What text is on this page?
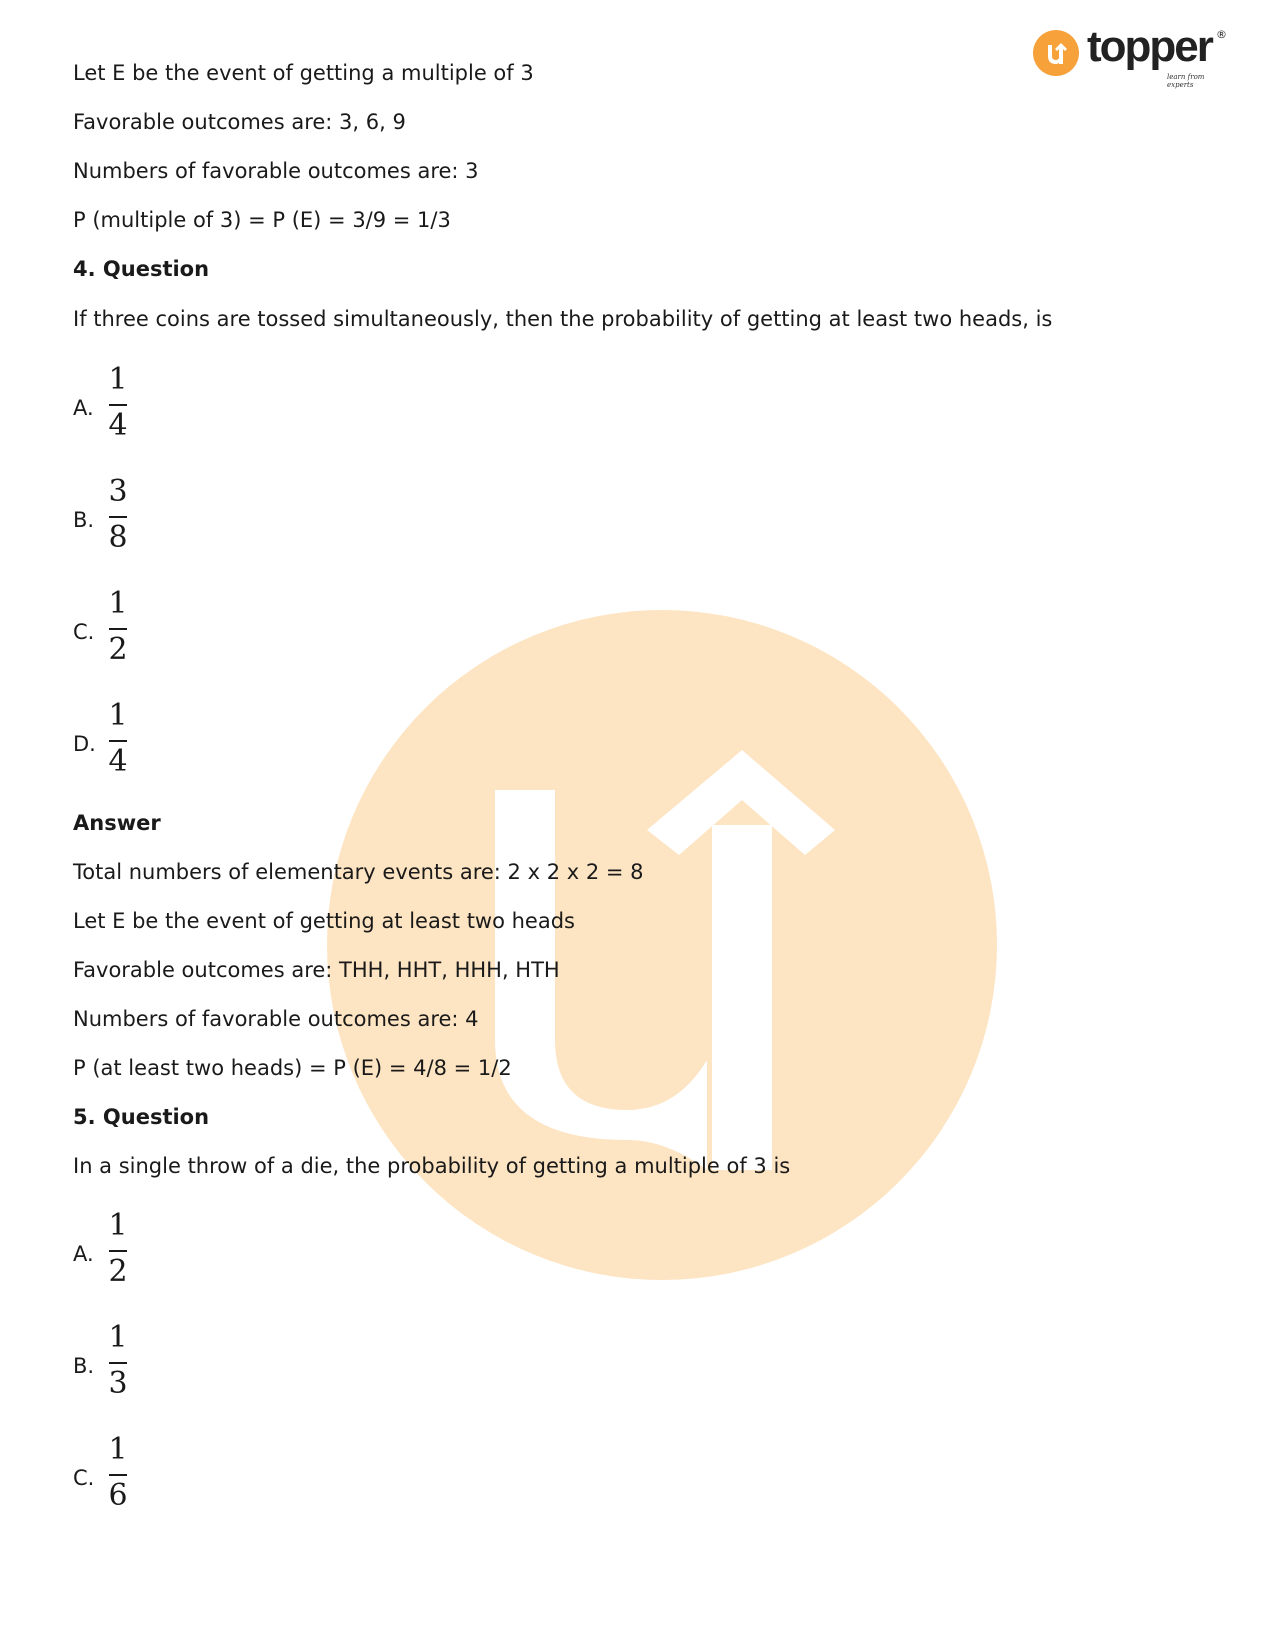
topper ®
learn from experts
Let E be the event of getting a multiple of 3
Favorable outcomes are: 3, 6, 9
Numbers of favorable outcomes are: 3
P (multiple of 3) = P (E) = 3/9 = 1/3
4. Question
If three coins are tossed simultaneously, then the probability of getting at least two heads, is
A.
1
4
B.
3
8
C.
1
2
D.
1
4
Answer
Total numbers of elementary events are: 2 x 2 x 2 = 8
Let E be the event of getting at least two heads
Favorable outcomes are: THH, HHT, HHH, HTH
Numbers of favorable outcomes are: 4
P (at least two heads) = P (E) = 4/8 = 1/2
5. Question
In a single throw of a die, the probability of getting a multiple of 3 is
A.
1
2
B.
1
3
C.
1
6
